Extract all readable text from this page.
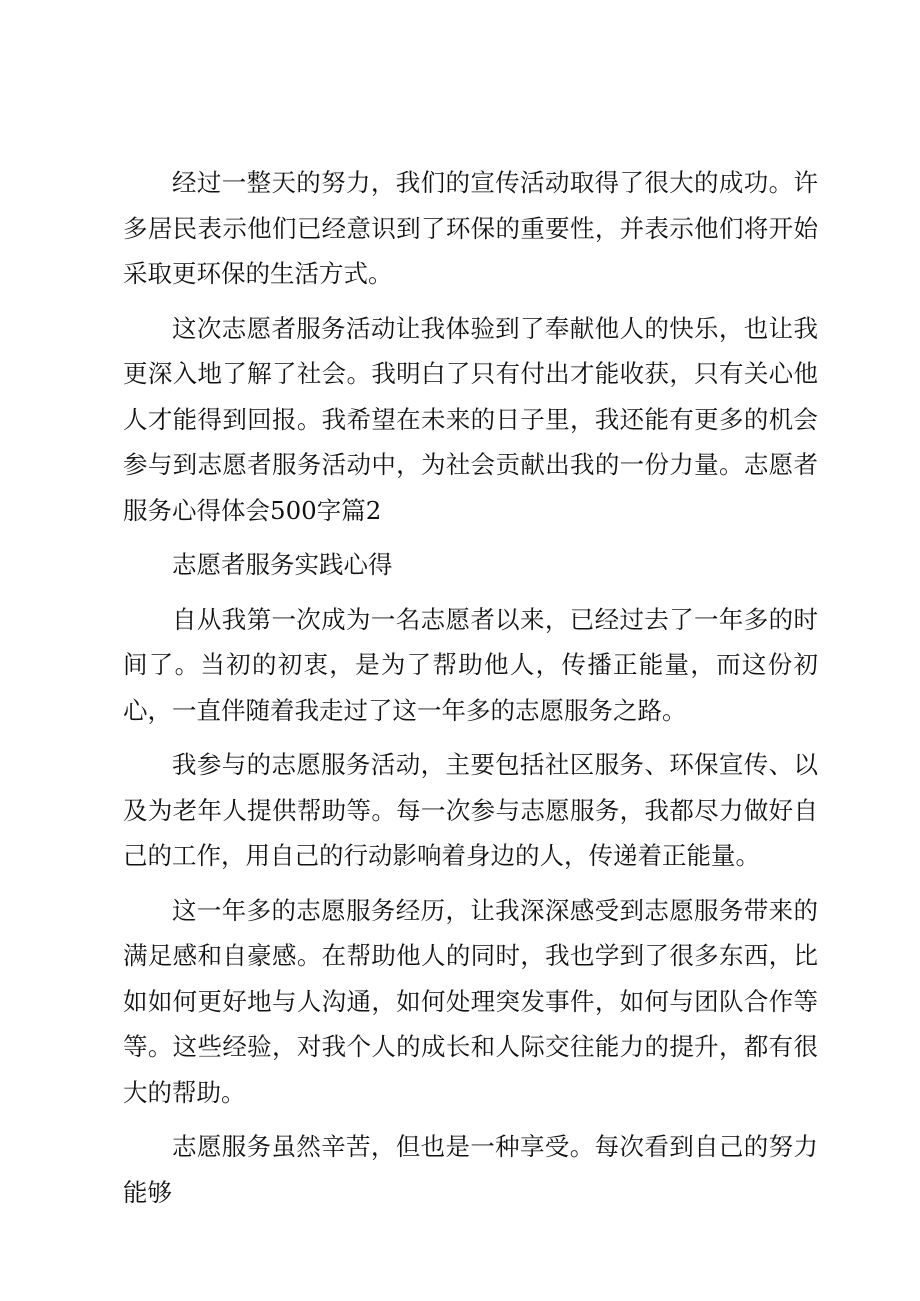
经过一整天的努力，我们的宣传活动取得了很大的成功。许多居民表示他们已经意识到了环保的重要性，并表示他们将开始采取更环保的生活方式。

这次志愿者服务活动让我体验到了奉献他人的快乐，也让我更深入地了解了社会。我明白了只有付出才能收获，只有关心他人才能得到回报。我希望在未来的日子里，我还能有更多的机会参与到志愿者服务活动中，为社会贡献出我的一份力量。志愿者服务心得体会500字篇2

志愿者服务实践心得

自从我第一次成为一名志愿者以来，已经过去了一年多的时间了。当初的初衷，是为了帮助他人，传播正能量，而这份初心，一直伴随着我走过了这一年多的志愿服务之路。

我参与的志愿服务活动，主要包括社区服务、环保宣传、以及为老年人提供帮助等。每一次参与志愿服务，我都尽力做好自己的工作，用自己的行动影响着身边的人，传递着正能量。

这一年多的志愿服务经历，让我深深感受到志愿服务带来的满足感和自豪感。在帮助他人的同时，我也学到了很多东西，比如如何更好地与人沟通，如何处理突发事件，如何与团队合作等等。这些经验，对我个人的成长和人际交往能力的提升，都有很大的帮助。

志愿服务虽然辛苦，但也是一种享受。每次看到自己的努力能够
